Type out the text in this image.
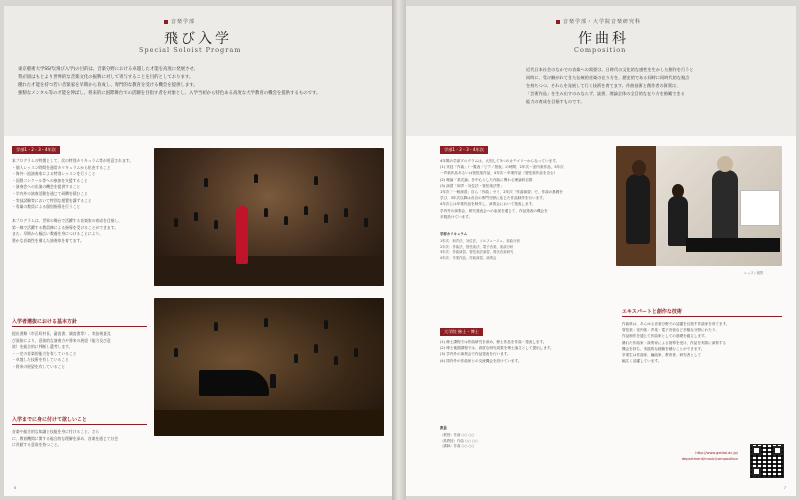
音楽学部
飛び入学
Special Soloist Program
東京藝術大学SS代(飛び入学)の目的は、音楽分野における卓越した才能を高度に発展させ、
我が国はもとより世界的な音楽文化の振興に対して寄与することを目的としております。
優れた才能を持つ若い音楽家を早期から育成し、専門的な教育を受ける機会を提供します。
強靭なメンタル等の才能を伸ばし、将来的に国際舞台での活躍を目指す者を対象とし、入学当初から特色ある高度な大学教育の機会を提供するものです。
学部1・2・3・4年次
本プログラムの特徴として、次の特別カリキュラム等が用意されます。
・個人レッスン時間を通常カリキュラムから拡充すること
・海外一流演奏家による特別レッスンを行うこと
・国際コンクール等への参加を支援すること
・演奏会への出演の機会を提供すること
・学内外の演奏活動を通じて研鑽を積むこと
・実技試験等において特別な措置を講ずること
・専属の教員による個別指導を行うこと
本プログラムは、世界の舞台で活躍する音楽家の育成を目指し、
第一線で活躍する教員陣による指導を受けることができます。
また、早期から幅広い教養を身につけることにより、
豊かな音楽性を備えた演奏家を育てます。
入学者選抜における基本方針
提出書類（市区町村長、審査書、調査書等）、実技検査及
び面接により、意欲的な演奏力や将来の展望（能力及び意
欲）を総合的に判断し選考します。
・一定の音楽的能力を有していること
・卓越した技術を有していること
・将来の展望を有していること
入学までに身に付けて欲しいこと
音楽や総合的な知識と技能を身に付けること、さら
に、教育機関に関する総合的な理解を深め、音楽を通じて社会
に貢献する意欲を持つこと。
6
音楽学部・大学院音楽研究科
作曲科
Composition
近代日本社会のなかでの音楽への需要は、日時代の文化的な感性を生かした創作を行うと
同時に、受け継がれてきた伝統的音楽の在り方を、歴史的である同時に同時代的な視点
を持ちつつ、それらを発展して行く技術を育てます。作曲技術と創作者の資質は、
「芸術作品」を生み出すのみならず、読書、理論全体の全目的な在り方を俯瞰できる
能力の育成を目指すものです。
学部1・2・3・4年次
4年間の学部プログラムは、大別して3つのカテゴリーからなっています。
(1) 実技「作曲」（一覧表「ピアノ発表」の時間、2年次〜室内楽作品、3年次
一声楽作品あるいは管弦楽作品、4年次〜卒業作品（管弦楽作品を含む）
(2) 理論「楽式論」を中心とした作曲に関わる理論科目群
(3) 演習「和声・対位法・管弦楽法等」
1年次「一般演習」自ら「作曲」ゼミ、2年次「作曲演習」で、作曲の基礎を
学び、3年次以降は各自の専門分野に応じた作品制作を行います。
4年次には卒業作品を制作し、演奏会において発表します。
学内外の演奏会、研究発表会への参加を通じて、作品発表の機会を
多数設けています。
学部カリキュラム
1年次：和声法、対位法、ソルフェージュ、楽曲分析
2年次：作曲法、管弦楽法、電子音楽、楽曲分析
3年次：作曲演習、管弦楽法演習、現代音楽研究
4年次：卒業作品、作曲演習、演奏会
大学院 修士・博士
(1) 修士課程では作曲研究を深め、修士作品を作曲・発表します。
(2) 博士後期課程では、高度な研究成果を博士論文として提出します。
(3) 学内外の演奏会で作品発表を行います。
(4) 国内外の作曲家との交流機会を設けています。
教員
（教授）作曲 ○○ ○○
（准教授）作曲 ○○ ○○
（講師）作曲 ○○ ○○
レッスン風景
エキスパートと創作な技術
作曲科は、あらゆる音楽分野での活躍を目指す作曲家を育てます。
管弦楽・室内楽・声楽・電子音楽など多様な分野にわたり、
作品制作を通じて作曲家としての基礎を確立します。
優れた作曲家・演奏家による指導を受け、作品を実際に演奏する
機会を持ち、実践的な経験を積むことができます。
卒業生は作曲家、編曲家、教育者、研究者として
幅広く活躍しています。
http://www.geidai.ac.jp/
department/music/composition
7
